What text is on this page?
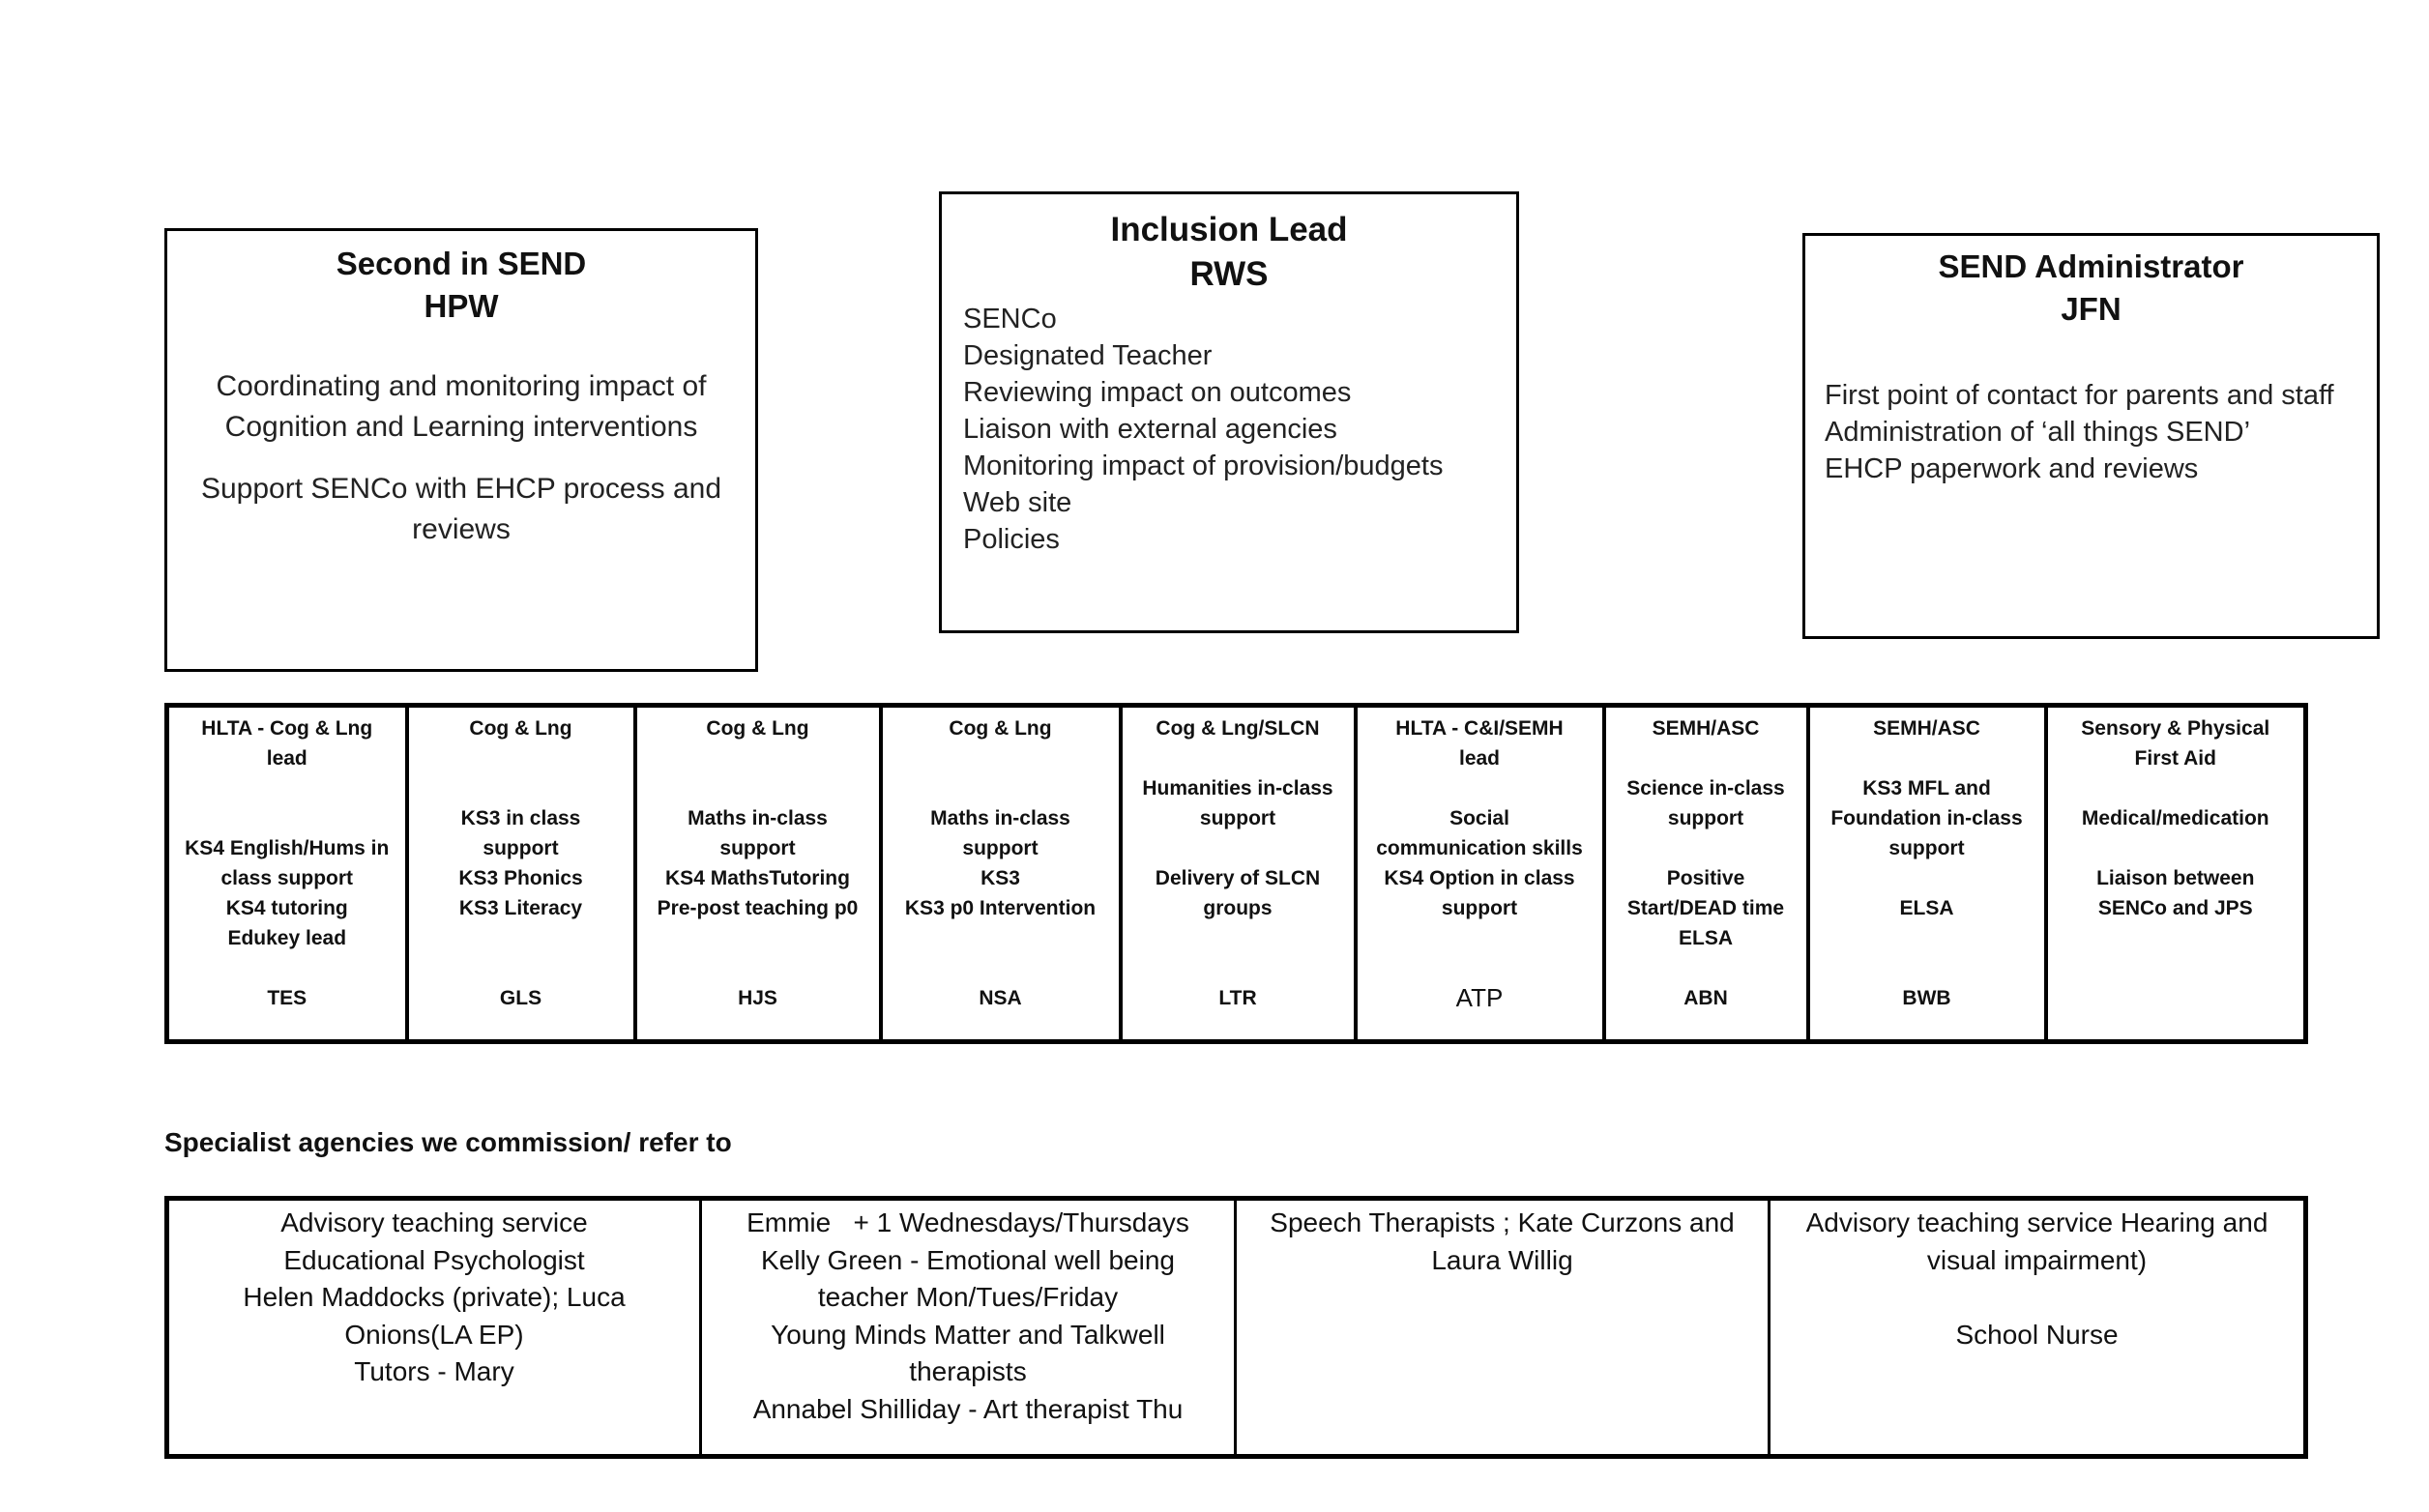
Second in SEND
HPW
Coordinating and monitoring impact of Cognition and Learning interventions
Support SENCo with EHCP process and reviews
Inclusion Lead
RWS
SENCo
Designated Teacher
Reviewing impact on outcomes
Liaison with external agencies
Monitoring impact of provision/budgets
Web site
Policies
SEND Administrator
JFN
First point of contact for parents and staff
Administration of ‘all things SEND’
EHCP paperwork and reviews
HLTA - Cog & Lng
lead
KS4 English/Hums in
class support
KS4 tutoring
Edukey lead
TES

Cog & Lng
KS3 in class
support
KS3 Phonics
KS3 Literacy
GLS

Cog & Lng
Maths in-class
support
KS4 MathsTutoring
Pre-post teaching p0
HJS

Cog & Lng
Maths in-class
support
KS3
KS3 p0 Intervention
NSA

Cog & Lng/SLCN
Humanities in-class
support
Delivery of SLCN
groups
LTR

HLTA - C&I/SEMH
lead
Social
communication skills
KS4 Option in class
support
ATP

SEMH/ASC
Science in-class
support
Positive
Start/DEAD time
ELSA
ABN

SEMH/ASC
KS3 MFL and
Foundation in-class
support
ELSA
BWB

Sensory & Physical
First Aid
Medical/medication
Liaison between
SENCo and JPS
Specialist agencies we commission/ refer to
Advisory teaching service
Educational Psychologist
Helen Maddocks (private); Luca
Onions(LA EP)
Tutors - Mary

Emmie   + 1 Wednesdays/Thursdays
Kelly Green - Emotional well being
teacher Mon/Tues/Friday
Young Minds Matter and Talkwell
therapists
Annabel Shilliday - Art therapist Thu

Speech Therapists ; Kate Curzons and
Laura Willig

Advisory teaching service Hearing and
visual impairment)
School Nurse
